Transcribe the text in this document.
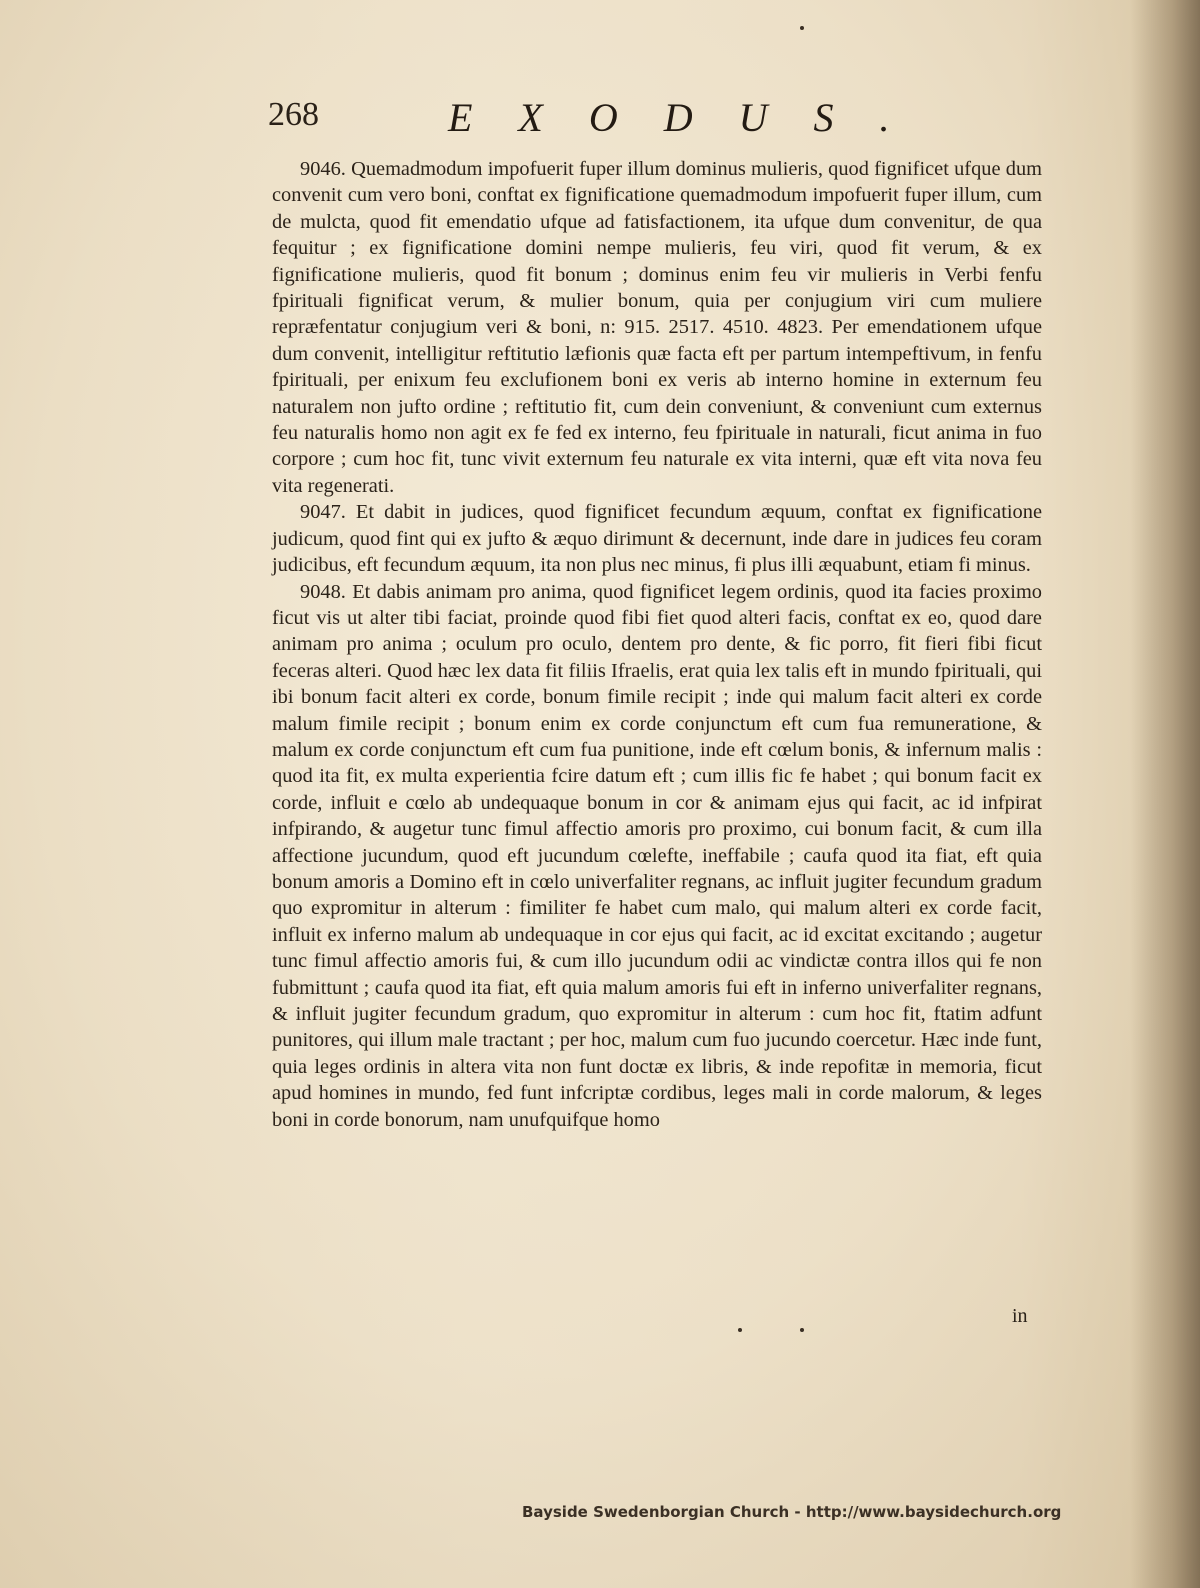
268	EXODUS.

9046. Quemadmodum impofuerit fuper illum dominus mulieris, quod fignificet ufque dum convenit cum vero boni, conftat ex fignificatione quemadmodum impofuerit fuper illum, cum de mulcta, quod fit emendatio ufque ad fatisfactionem, ita ufque dum convenitur, de qua fequitur ; ex fignificatione domini nempe mulieris, feu viri, quod fit verum, & ex fignificatione mulieris, quod fit bonum ; dominus enim feu vir mulieris in Verbi fenfu fpirituali fignificat verum, & mulier bonum, quia per conjugium viri cum muliere repræfentatur conjugium veri & boni, n: 915. 2517. 4510. 4823. Per emendationem ufque dum convenit, intelligitur reftitutio læfionis quæ facta eft per partum intempeftivum, in fenfu fpirituali, per enixum feu exclufionem boni ex veris ab interno homine in externum feu naturalem non jufto ordine ; reftitutio fit, cum dein conveniunt, & conveniunt cum externus feu naturalis homo non agit ex fe fed ex interno, feu fpirituale in naturali, ficut anima in fuo corpore ; cum hoc fit, tunc vivit externum feu naturale ex vita interni, quæ eft vita nova feu vita regenerati.

9047. Et dabit in judices, quod fignificet fecundum æquum, conftat ex fignificatione judicum, quod fint qui ex jufto & æquo dirimunt & decernunt, inde dare in judices feu coram judicibus, eft fecundum æquum, ita non plus nec minus, fi plus illi æquabunt, etiam fi minus.

9048. Et dabis animam pro anima, quod fignificet legem ordinis, quod ita facies proximo ficut vis ut alter tibi faciat, proinde quod fibi fiet quod alteri facis, conftat ex eo, quod dare animam pro anima ; oculum pro oculo, dentem pro dente, & fic porro, fit fieri fibi ficut feceras alteri. Quod hæc lex data fit filiis Ifraelis, erat quia lex talis eft in mundo fpirituali, qui ibi bonum facit alteri ex corde, bonum fimile recipit ; inde qui malum facit alteri ex corde malum fimile recipit ; bonum enim ex corde conjunctum eft cum fua remuneratione, & malum ex corde conjunctum eft cum fua punitione, inde eft cœlum bonis, & infernum malis : quod ita fit, ex multa experientia fcire datum eft ; cum illis fic fe habet ; qui bonum facit ex corde, influit e cœlo ab undequaque bonum in cor & animam ejus qui facit, ac id infpirat infpirando, & augetur tunc fimul affectio amoris pro proximo, cui bonum facit, & cum illa affectione jucundum, quod eft jucundum cœlefte, ineffabile ; caufa quod ita fiat, eft quia bonum amoris a Domino eft in cœlo univerfaliter regnans, ac influit jugiter fecundum gradum quo expromitur in alterum : fimiliter fe habet cum malo, qui malum alteri ex corde facit, influit ex inferno malum ab undequaque in cor ejus qui facit, ac id excitat excitando ; augetur tunc fimul affectio amoris fui, & cum illo jucundum odii ac vindictæ contra illos qui fe non fubmittunt ; caufa quod ita fiat, eft quia malum amoris fui eft in inferno univerfaliter regnans, & influit jugiter fecundum gradum, quo expromitur in alterum : cum hoc fit, ftatim adfunt punitores, qui illum male tractant ; per hoc, malum cum fuo jucundo coercetur. Hæc inde funt, quia leges ordinis in altera vita non funt doctæ ex libris, & inde repofitæ in memoria, ficut apud homines in mundo, fed funt infcriptæ cordibus, leges mali in corde malorum, & leges boni in corde bonorum, nam unufquifque homo

in
Bayside Swedenborgian Church - http://www.baysidechurch.org
